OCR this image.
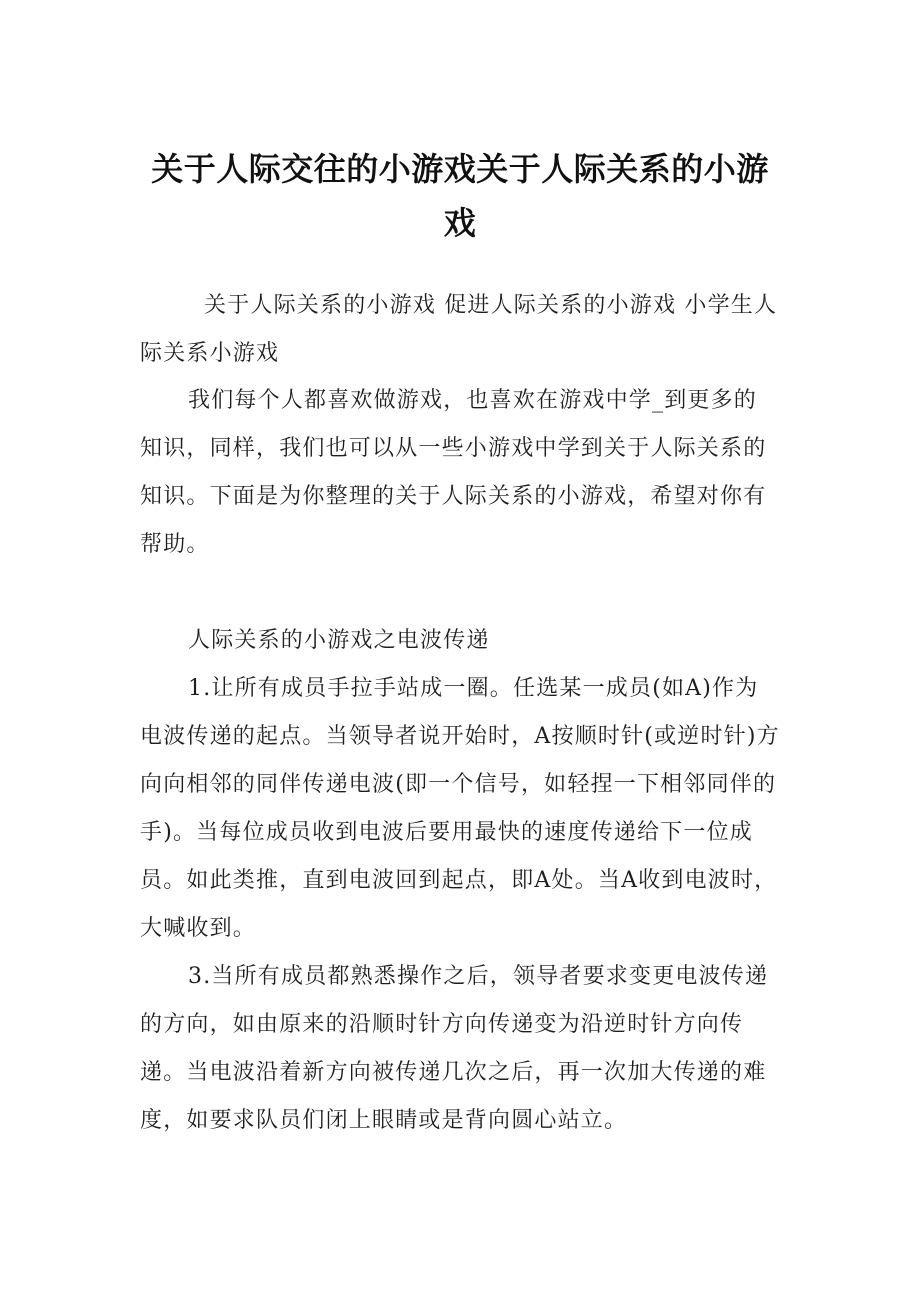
关于人际交往的小游戏关于人际关系的小游戏

关于人际关系的小游戏 促进人际关系的小游戏 小学生人际关系小游戏

我们每个人都喜欢做游戏，也喜欢在游戏中学_到更多的知识，同样，我们也可以从一些小游戏中学到关于人际关系的知识。下面是为你整理的关于人际关系的小游戏，希望对你有帮助。

人际关系的小游戏之电波传递

1.让所有成员手拉手站成一圈。任选某一成员(如A)作为电波传递的起点。当领导者说开始时，A按顺时针(或逆时针)方向向相邻的同伴传递电波(即一个信号，如轻捏一下相邻同伴的手)。当每位成员收到电波后要用最快的速度传递给下一位成员。如此类推，直到电波回到起点，即A处。当A收到电波时，大喊收到。

3.当所有成员都熟悉操作之后，领导者要求变更电波传递的方向，如由原来的沿顺时针方向传递变为沿逆时针方向传递。当电波沿着新方向被传递几次之后，再一次加大传递的难度，如要求队员们闭上眼睛或是背向圆心站立。
